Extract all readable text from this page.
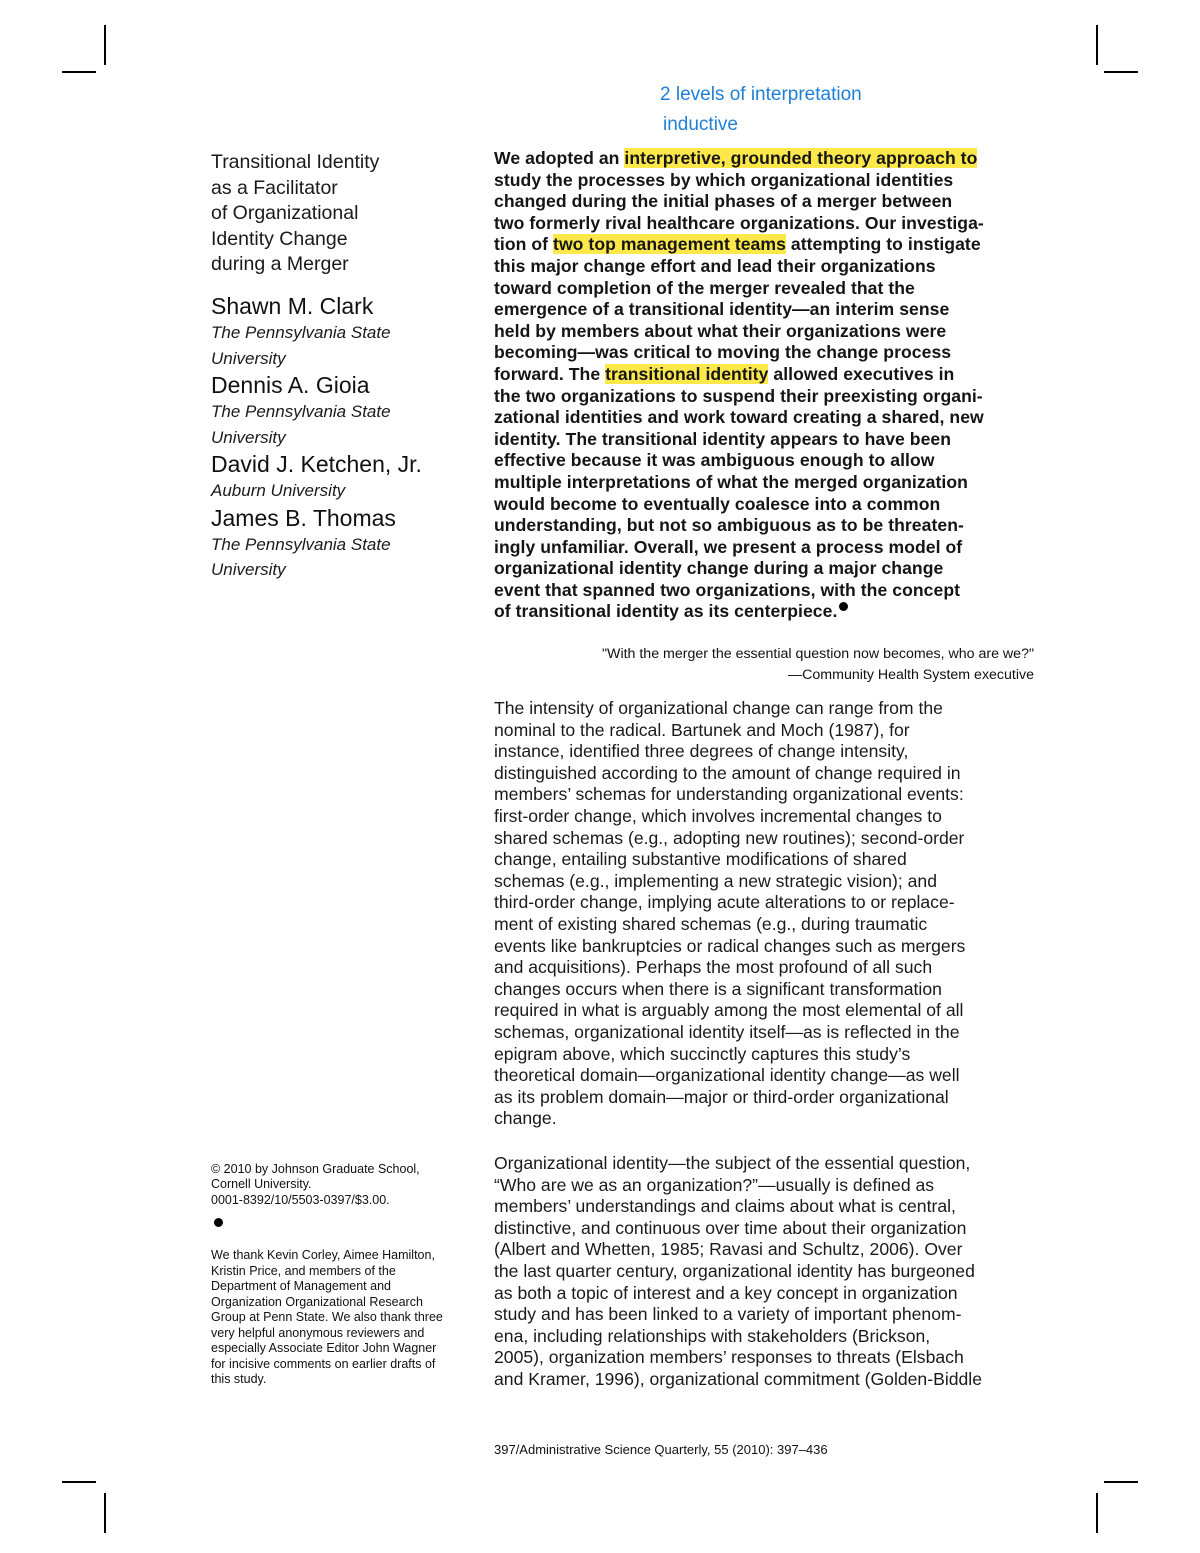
2 levels of interpretation
inductive
Transitional Identity
as a Facilitator
of Organizational
Identity Change
during a Merger
Shawn M. Clark
The Pennsylvania State
University
Dennis A. Gioia
The Pennsylvania State
University
David J. Ketchen, Jr.
Auburn University
James B. Thomas
The Pennsylvania State
University
We adopted an interpretive, grounded theory approach to
study the processes by which organizational identities
changed during the initial phases of a merger between
two formerly rival healthcare organizations. Our investiga-
tion of two top management teams attempting to instigate
this major change effort and lead their organizations
toward completion of the merger revealed that the
emergence of a transitional identity—an interim sense
held by members about what their organizations were
becoming—was critical to moving the change process
forward. The transitional identity allowed executives in
the two organizations to suspend their preexisting organi-
zational identities and work toward creating a shared, new
identity. The transitional identity appears to have been
effective because it was ambiguous enough to allow
multiple interpretations of what the merged organization
would become to eventually coalesce into a common
understanding, but not so ambiguous as to be threaten-
ingly unfamiliar. Overall, we present a process model of
organizational identity change during a major change
event that spanned two organizations, with the concept
of transitional identity as its centerpiece.
"With the merger the essential question now becomes, who are we?"
—Community Health System executive
The intensity of organizational change can range from the
nominal to the radical. Bartunek and Moch (1987), for
instance, identified three degrees of change intensity,
distinguished according to the amount of change required in
members’ schemas for understanding organizational events:
first-order change, which involves incremental changes to
shared schemas (e.g., adopting new routines); second-order
change, entailing substantive modifications of shared
schemas (e.g., implementing a new strategic vision); and
third-order change, implying acute alterations to or replace-
ment of existing shared schemas (e.g., during traumatic
events like bankruptcies or radical changes such as mergers
and acquisitions). Perhaps the most profound of all such
changes occurs when there is a significant transformation
required in what is arguably among the most elemental of all
schemas, organizational identity itself—as is reflected in the
epigram above, which succinctly captures this study’s
theoretical domain—organizational identity change—as well
as its problem domain—major or third-order organizational
change.
Organizational identity—the subject of the essential question,
“Who are we as an organization?”—usually is defined as
members’ understandings and claims about what is central,
distinctive, and continuous over time about their organization
(Albert and Whetten, 1985; Ravasi and Schultz, 2006). Over
the last quarter century, organizational identity has burgeoned
as both a topic of interest and a key concept in organization
study and has been linked to a variety of important phenom-
ena, including relationships with stakeholders (Brickson,
2005), organization members’ responses to threats (Elsbach
and Kramer, 1996), organizational commitment (Golden-Biddle
© 2010 by Johnson Graduate School,
Cornell University.
0001-8392/10/5503-0397/$3.00.
We thank Kevin Corley, Aimee Hamilton,
Kristin Price, and members of the
Department of Management and
Organization Organizational Research
Group at Penn State. We also thank three
very helpful anonymous reviewers and
especially Associate Editor John Wagner
for incisive comments on earlier drafts of
this study.
397/Administrative Science Quarterly, 55 (2010): 397–436
